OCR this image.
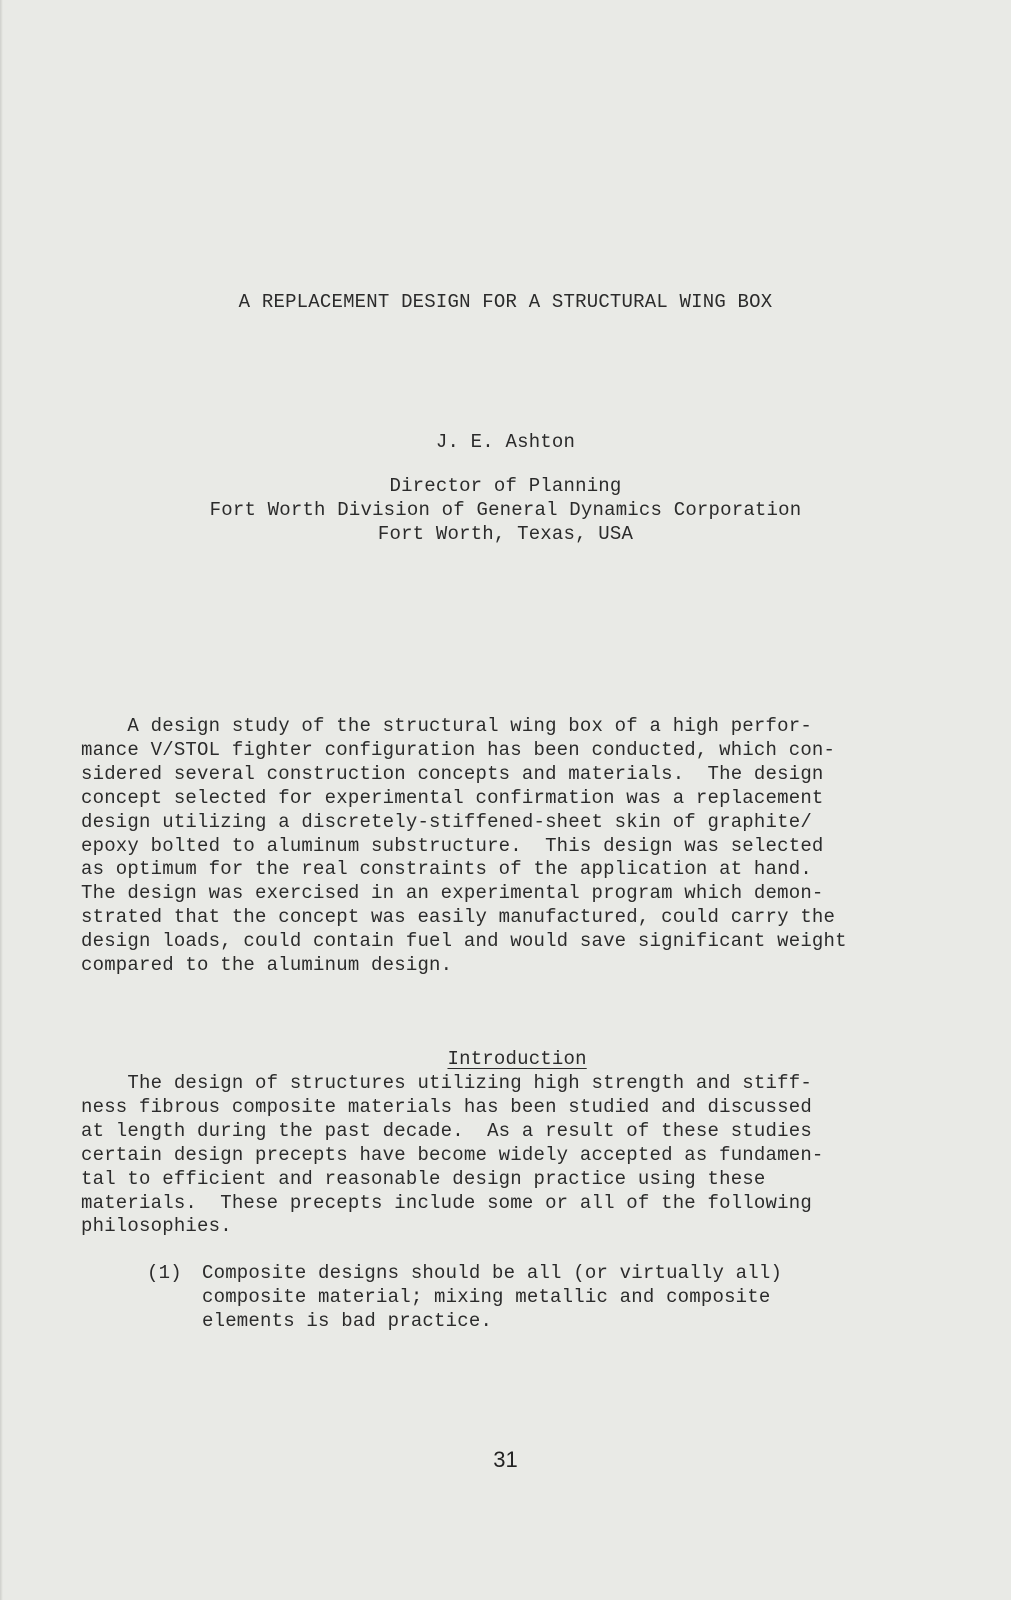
A REPLACEMENT DESIGN FOR A STRUCTURAL WING BOX
J. E. Ashton
Director of Planning
Fort Worth Division of General Dynamics Corporation
Fort Worth, Texas, USA
A design study of the structural wing box of a high perfor-
mance V/STOL fighter configuration has been conducted, which con-
sidered several construction concepts and materials.  The design
concept selected for experimental confirmation was a replacement
design utilizing a discretely-stiffened-sheet skin of graphite/
epoxy bolted to aluminum substructure.  This design was selected
as optimum for the real constraints of the application at hand.
The design was exercised in an experimental program which demon-
strated that the concept was easily manufactured, could carry the
design loads, could contain fuel and would save significant weight
compared to the aluminum design.

Introduction

The design of structures utilizing high strength and stiff-
ness fibrous composite materials has been studied and discussed
at length during the past decade.  As a result of these studies
certain design precepts have become widely accepted as fundamen-
tal to efficient and reasonable design practice using these
materials.  These precepts include some or all of the following
philosophies.
(1) Composite designs should be all (or virtually all)
composite material; mixing metallic and composite
elements is bad practice.
31
